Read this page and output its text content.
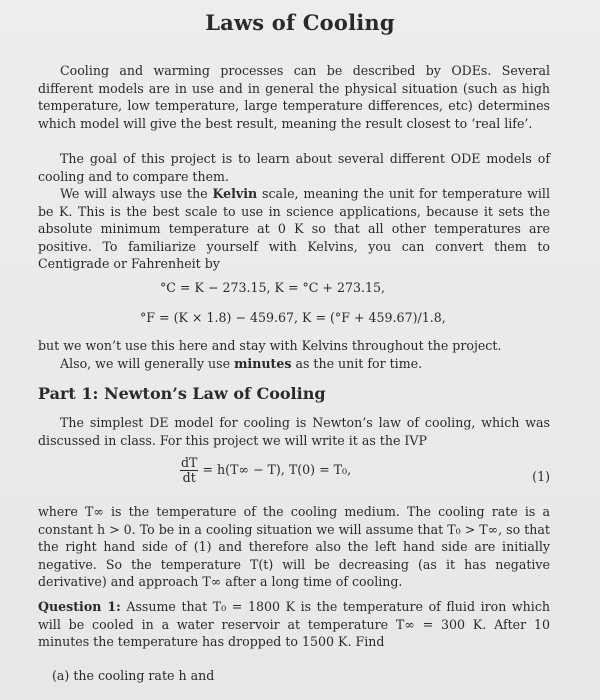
Laws of Cooling

Cooling and warming processes can be described by ODEs. Several different models are in use and in general the physical situation (such as high temperature, low temperature, large temperature differences, etc) determines which model will give the best result, meaning the result closest to ‘real life’.

The goal of this project is to learn about several different ODE models of cooling and to compare them.

We will always use the Kelvin scale, meaning the unit for temperature will be K. This is the best scale to use in science applications, because it sets the absolute minimum temperature at 0 K so that all other temperatures are positive. To familiarize yourself with Kelvins, you can convert them to Centigrade or Fahrenheit by

°C = K − 273.15, K = °C + 273.15,
°F = (K × 1.8) − 459.67, K = (°F + 459.67)/1.8,

but we won’t use this here and stay with Kelvins throughout the project.

Also, we will generally use minutes as the unit for time.

Part 1: Newton’s Law of Cooling

The simplest DE model for cooling is Newton’s law of cooling, which was discussed in class. For this project we will write it as the IVP

$\frac{dT}{dt} = h(T\infty - T)$, T(0) = T₀,	(1)

where T∞ is the temperature of the cooling medium. The cooling rate is a constant h > 0. To be in a cooling situation we will assume that T₀ > T∞, so that the right hand side of (1) and therefore also the left hand side are initially negative. So the temperature T(t) will be decreasing (as it has negative derivative) and approach T∞ after a long time of cooling.

Question 1: Assume that T₀ = 1800 K is the temperature of fluid iron which will be cooled in a water reservoir at temperature T∞ = 300 K. After 10 minutes the temperature has dropped to 1500 K. Find

(a) the cooling rate h and
